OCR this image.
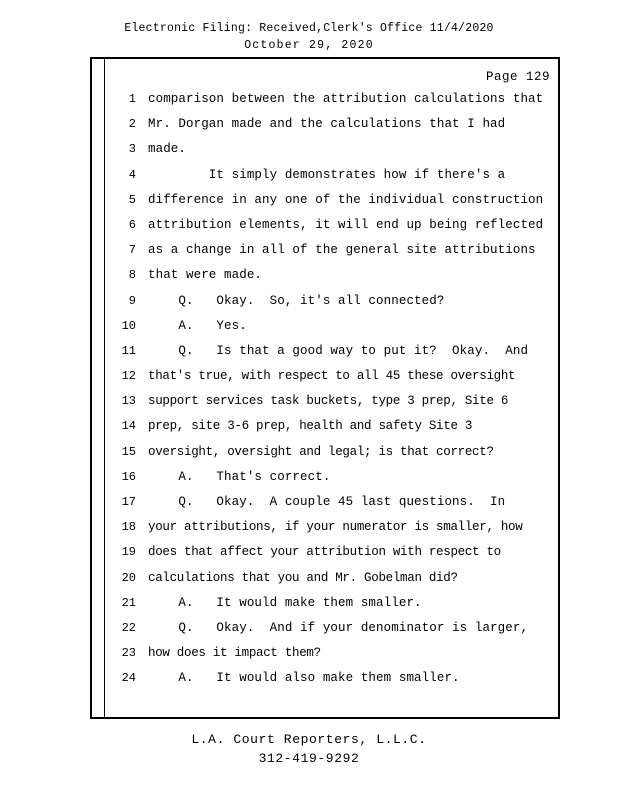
Electronic Filing: Received,Clerk's Office 11/4/2020
October 29, 2020
Page 129
1 comparison between the attribution calculations that
2 Mr. Dorgan made and the calculations that I had
3 made.
4 It simply demonstrates how if there's a
5 difference in any one of the individual construction
6 attribution elements, it will end up being reflected
7 as a change in all of the general site attributions
8 that were made.
9 Q.   Okay.  So, it's all connected?
10 A.   Yes.
11 Q.   Is that a good way to put it?  Okay.  And
12 that's true, with respect to all 45 these oversight
13 support services task buckets, type 3 prep, Site 6
14 prep, site 3-6 prep, health and safety Site 3
15 oversight, oversight and legal; is that correct?
16 A.   That's correct.
17 Q.   Okay.  A couple 45 last questions.  In
18 your attributions, if your numerator is smaller, how
19 does that affect your attribution with respect to
20 calculations that you and Mr. Gobelman did?
21 A.   It would make them smaller.
22 Q.   Okay.  And if your denominator is larger,
23 how does it impact them?
24 A.   It would also make them smaller.
L.A. Court Reporters, L.L.C.
312-419-9292
